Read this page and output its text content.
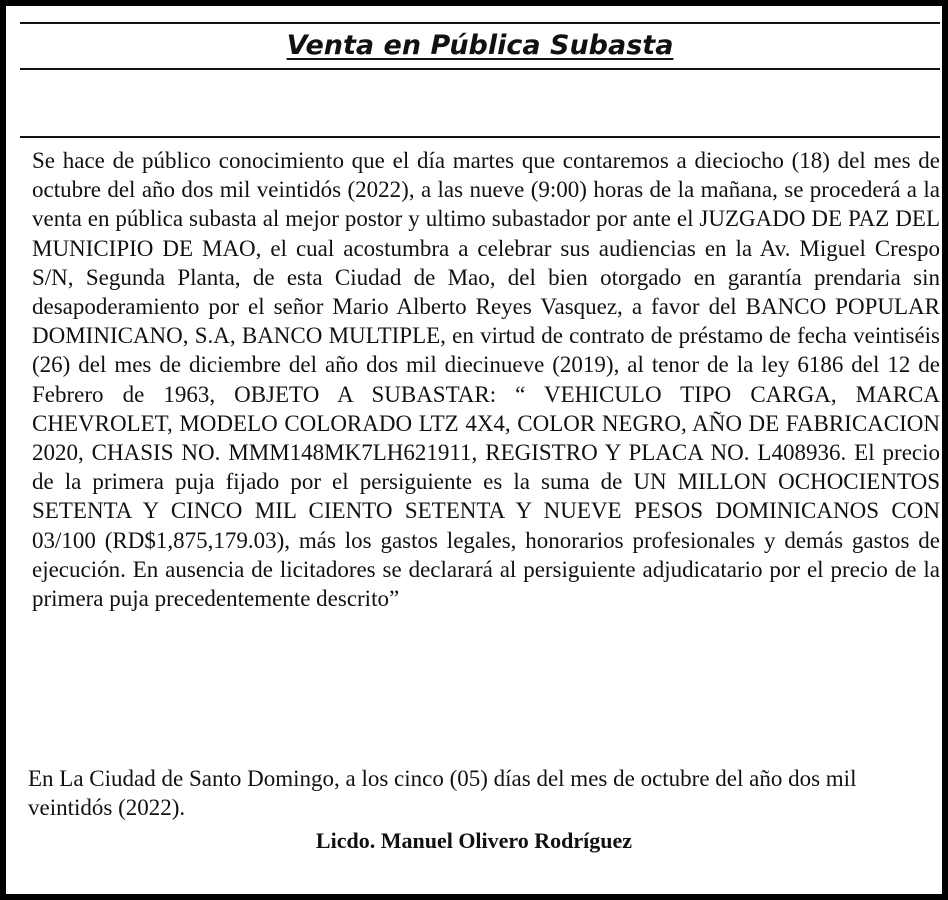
Venta en Pública Subasta

Se hace de público conocimiento que el día martes que contaremos a dieciocho (18) del mes de octubre del año dos mil veintidós (2022), a las nueve (9:00) horas de la mañana, se procederá a la venta en pública subasta al mejor postor y ultimo subastador por ante el JUZGADO DE PAZ DEL MUNICIPIO DE MAO, el cual acostumbra a celebrar sus audiencias en la Av. Miguel Crespo S/N, Segunda Planta, de esta Ciudad de Mao, del bien otorgado en garantía prendaria sin desapoderamiento por el señor Mario Alberto Reyes Vasquez, a favor del BANCO POPULAR DOMINICANO, S.A, BANCO MULTIPLE, en virtud de contrato de préstamo de fecha veintiséis (26) del mes de diciembre del año dos mil diecinueve (2019), al tenor de la ley 6186 del 12 de Febrero de 1963, OBJETO A SUBASTAR: “ VEHICULO TIPO CARGA, MARCA CHEVROLET, MODELO COLORADO LTZ 4X4, COLOR NEGRO, AÑO DE FABRICACION 2020, CHASIS NO. MMM148MK7LH621911, REGISTRO Y PLACA NO. L408936. El precio de la primera puja fijado por el persiguiente es la suma de UN MILLON OCHOCIENTOS SETENTA Y CINCO MIL CIENTO SETENTA Y NUEVE PESOS DOMINICANOS CON 03/100 (RD$1,875,179.03), más los gastos legales, honorarios profesionales y demás gastos de ejecución. En ausencia de licitadores se declarará al persiguiente adjudicatario por el precio de la primera puja precedentemente descrito”

En La Ciudad de Santo Domingo, a los cinco (05) días del mes de octubre del año dos mil veintidós (2022).
Licdo. Manuel Olivero Rodríguez
